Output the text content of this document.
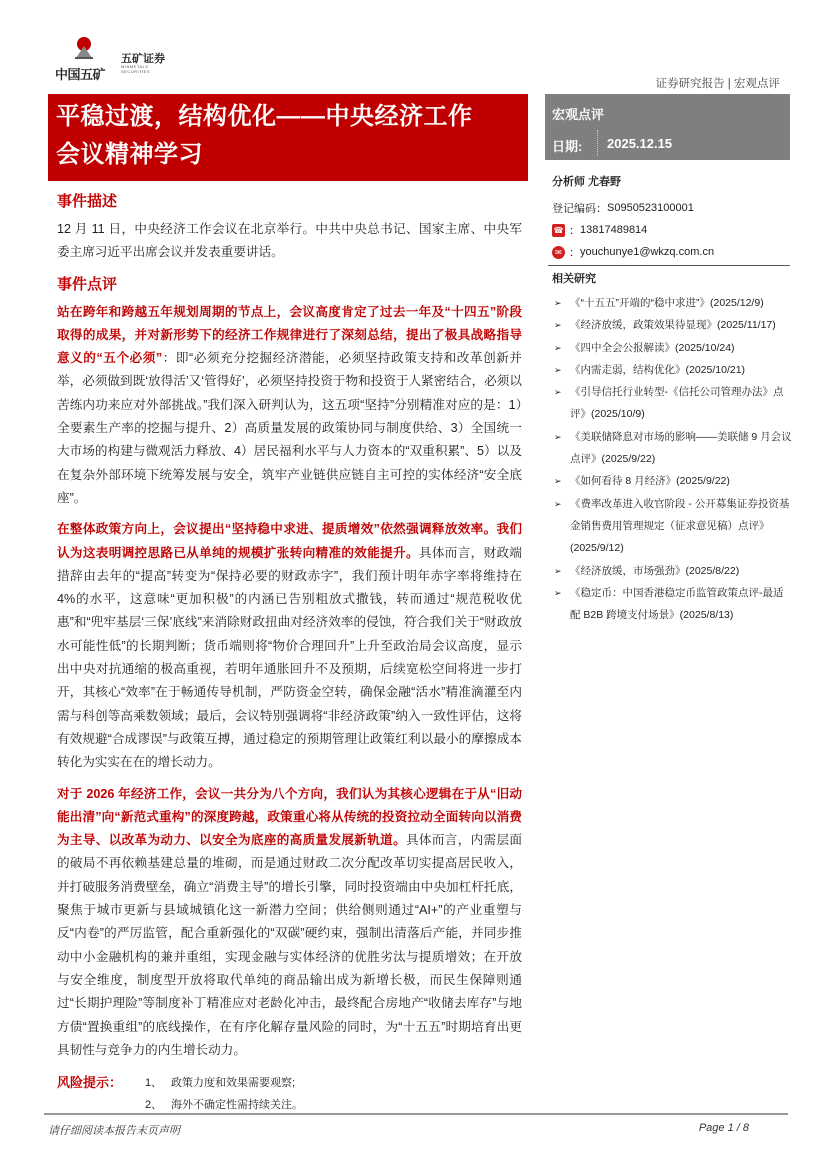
中国五矿
五矿证券
MINMETALS SECURITIES
证券研究报告 | 宏观点评
平稳过渡，结构优化——中央经济工作
会议精神学习
宏观点评
日期: 2025.12.15
分析师 尤春野
登记编码： S0950523100001
☎ ： 13817489814
✉ ： youchunye1@wkzq.com.cn
相关研究
➢ 《“十五五”开端的“稳中求进”》(2025/12/9)
➢ 《经济放缓，政策效果待显现》(2025/11/17)
➢ 《四中全会公报解读》(2025/10/24)
➢ 《内需走弱，结构优化》(2025/10/21)
➢ 《引导信托行业转型-《信托公司管理办法》点评》(2025/10/9)
➢ 《美联储降息对市场的影响——美联储 9 月会议点评》(2025/9/22)
➢ 《如何看待 8 月经济》(2025/9/22)
➢ 《费率改革进入收官阶段 - 公开募集证券投资基金销售费用管理规定（征求意见稿）点评》(2025/9/12)
➢ 《经济放缓，市场强劲》(2025/8/22)
➢ 《稳定币：中国香港稳定币监管政策点评-最适配 B2B 跨境支付场景》(2025/8/13)
事件描述

12 月 11 日，中央经济工作会议在北京举行。中共中央总书记、国家主席、中央军委主席习近平出席会议并发表重要讲话。

事件点评

站在跨年和跨越五年规划周期的节点上，会议高度肯定了过去一年及“十四五”阶段取得的成果，并对新形势下的经济工作规律进行了深刻总结，提出了极具战略指导意义的“五个必须”：即“必须充分挖掘经济潜能，必须坚持政策支持和改革创新并举，必须做到既‘放得活’又‘管得好’，必须坚持投资于物和投资于人紧密结合，必须以苦练内功来应对外部挑战。”我们深入研判认为，这五项“坚持”分别精准对应的是：1）全要素生产率的挖掘与提升、2）高质量发展的政策协同与制度供给、3）全国统一大市场的构建与微观活力释放、4）居民福利水平与人力资本的“双重积累”、5）以及在复杂外部环境下统筹发展与安全，筑牢产业链供应链自主可控的实体经济“安全底座”。

在整体政策方向上，会议提出“坚持稳中求进、提质增效”依然强调释放效率。我们认为这表明调控思路已从单纯的规模扩张转向精准的效能提升。具体而言，财政端措辞由去年的“提高”转变为“保持必要的财政赤字”，我们预计明年赤字率将维持在 4%的水平，这意味“更加积极”的内涵已告别粗放式撒钱，转而通过“规范税收优惠”和“兜牢基层‘三保’底线”来消除财政扭曲对经济效率的侵蚀，符合我们关于“财政放水可能性低”的长期判断；货币端则将“物价合理回升”上升至政治局会议高度，显示出中央对抗通缩的极高重视，若明年通胀回升不及预期，后续宽松空间将进一步打开，其核心“效率”在于畅通传导机制，严防资金空转，确保金融“活水”精准滴灌至内需与科创等高乘数领域；最后，会议特别强调将“非经济政策”纳入一致性评估，这将有效规避“合成谬误”与政策互搏，通过稳定的预期管理让政策红利以最小的摩擦成本转化为实实在在的增长动力。

对于 2026 年经济工作，会议一共分为八个方向，我们认为其核心逻辑在于从“旧动能出清”向“新范式重构”的深度跨越，政策重心将从传统的投资拉动全面转向以消费为主导、以改革为动力、以安全为底座的高质量发展新轨道。具体而言，内需层面的破局不再依赖基建总量的堆砌，而是通过财政二次分配改革切实提高居民收入，并打破服务消费壁垒，确立“消费主导”的增长引擎，同时投资端由中央加杠杆托底，聚焦于城市更新与县域城镇化这一新潜力空间；供给侧则通过“AI+”的产业重塑与反“内卷”的严厉监管，配合重新强化的“双碳”硬约束，强制出清落后产能，并同步推动中小金融机构的兼并重组，实现金融与实体经济的优胜劣汰与提质增效；在开放与安全维度，制度型开放将取代单纯的商品输出成为新增长极，而民生保障则通过“长期护理险”等制度补丁精准应对老龄化冲击，最终配合房地产“收储去库存”与地方债“置换重组”的底线操作，在有序化解存量风险的同时，为“十五五”时期培育出更具韧性与竞争力的内生增长动力。

风险提示： 1、 政策力度和效果需要观察;
2、 海外不确定性需持续关注。
请仔细阅读本报告末页声明	Page 1 / 8
